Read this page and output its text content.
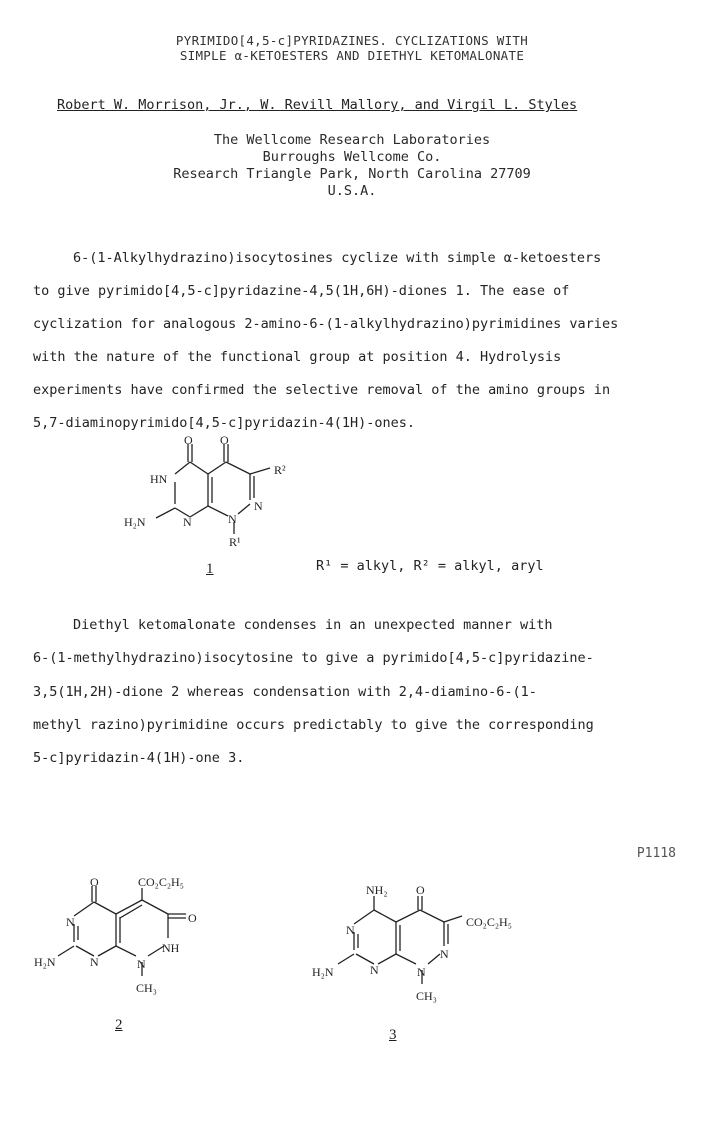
PYRIMIDO[4,5-c]PYRIDAZINES. CYCLIZATIONS WITH
SIMPLE α-KETOESTERS AND DIETHYL KETOMALONATE
Robert W. Morrison, Jr., W. Revill Mallory, and Virgil L. Styles
The Wellcome Research Laboratories
Burroughs Wellcome Co.
Research Triangle Park, North Carolina 27709
U.S.A.
6-(1-Alkylhydrazino)isocytosines cyclize with simple α-ketoesters
to give pyrimido[4,5-c]pyridazine-4,5(1H,6H)-diones 1. The ease of
cyclization for analogous 2-amino-6-(1-alkylhydrazino)pyrimidines varies
with the nature of the functional group at position 4. Hydrolysis
experiments have confirmed the selective removal of the amino groups in
5,7-diaminopyrimido[4,5-c]pyridazin-4(1H)-ones.
O O
HN
R²
N
H₂N	N	N
R¹
1	R¹ = alkyl, R² = alkyl, aryl
Diethyl ketomalonate condenses in an unexpected manner with
6-(1-methylhydrazino)isocytosine to give a pyrimido[4,5-c]pyridazine-
3,5(1H,2H)-dione 2 whereas condensation with 2,4-diamino-6-(1-
methyl razino)pyrimidine occurs predictably to give the corresponding
5-c]pyridazin-4(1H)-one 3.
P1118
O	CO₂C₂H₅
O
N
NH
H₂N	N	N
CH₃
2
NH₂ O
CO₂C₂H₅
N
N
H₂N	N	N
CH₃
3
